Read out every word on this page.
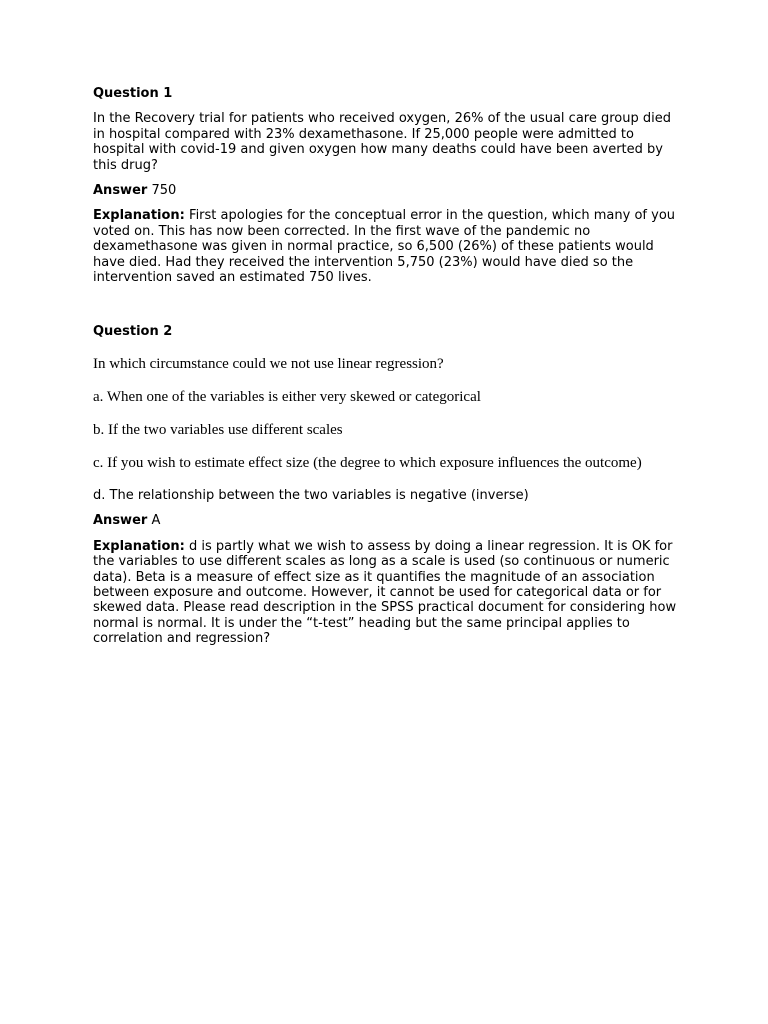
Question 1

In the Recovery trial for patients who received oxygen, 26% of the usual care group died in hospital compared with 23% dexamethasone. If 25,000 people were admitted to hospital with covid-19 and given oxygen how many deaths could have been averted by this drug?

Answer 750

Explanation: First apologies for the conceptual error in the question, which many of you voted on. This has now been corrected. In the first wave of the pandemic no dexamethasone was given in normal practice, so 6,500 (26%) of these patients would have died. Had they received the intervention 5,750 (23%) would have died so the intervention saved an estimated 750 lives.

Question 2

In which circumstance could we not use linear regression?

a. When one of the variables is either very skewed or categorical

b. If the two variables use different scales

c. If you wish to estimate effect size (the degree to which exposure influences the outcome)

d. The relationship between the two variables is negative (inverse)

Answer A

Explanation: d is partly what we wish to assess by doing a linear regression. It is OK for the variables to use different scales as long as a scale is used (so continuous or numeric data). Beta is a measure of effect size as it quantifies the magnitude of an association between exposure and outcome. However, it cannot be used for categorical data or for skewed data. Please read description in the SPSS practical document for considering how normal is normal. It is under the “t-test” heading but the same principal applies to correlation and regression?
